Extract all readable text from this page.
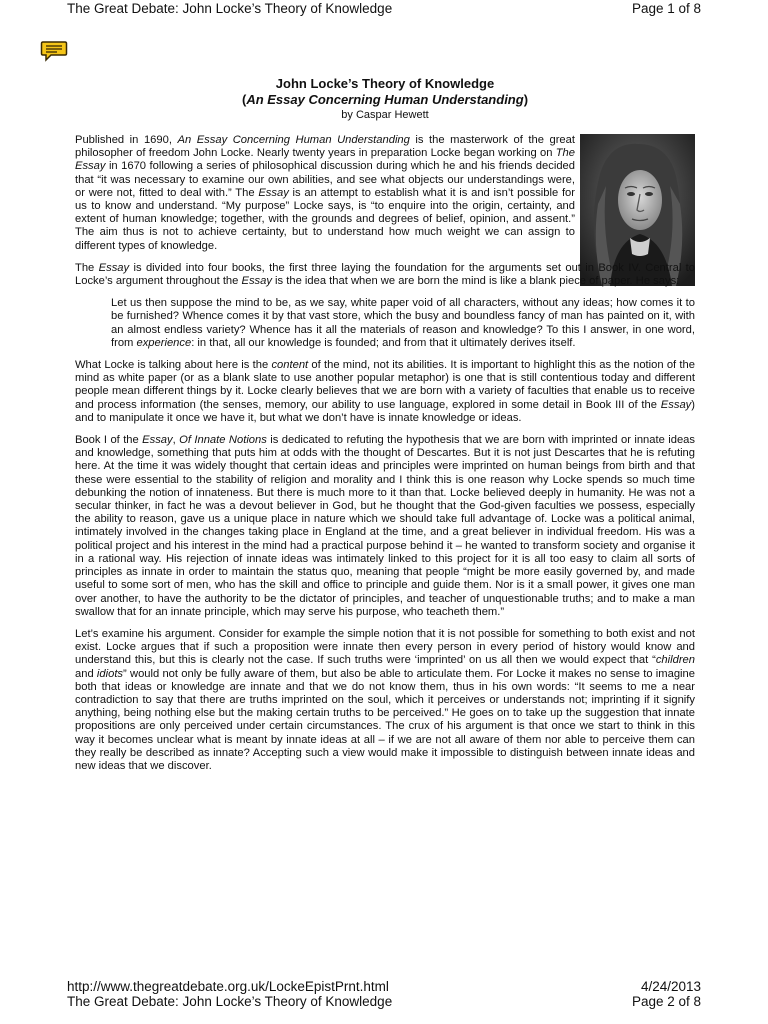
The Great Debate: John Locke’s Theory of Knowledge	Page 1 of 8
John Locke’s Theory of Knowledge
(An Essay Concerning Human Understanding)
by Caspar Hewett

Published in 1690, An Essay Concerning Human Understanding is the masterwork of the great philosopher of freedom John Locke. Nearly twenty years in preparation Locke began working on The Essay in 1670 following a series of philosophical discussion during which he and his friends decided that “it was necessary to examine our own abilities, and see what objects our understandings were, or were not, fitted to deal with.” The Essay is an attempt to establish what it is and isn’t possible for us to know and understand. “My purpose” Locke says, is “to enquire into the origin, certainty, and extent of human knowledge; together, with the grounds and degrees of belief, opinion, and assent.” The aim thus is not to achieve certainty, but to understand how much weight we can assign to different types of knowledge.

The Essay is divided into four books, the first three laying the foundation for the arguments set out in Book IV. Central to Locke’s argument throughout the Essay is the idea that when we are born the mind is like a blank piece of paper. He says:

Let us then suppose the mind to be, as we say, white paper void of all characters, without any ideas; how comes it to be furnished? Whence comes it by that vast store, which the busy and boundless fancy of man has painted on it, with an almost endless variety? Whence has it all the materials of reason and knowledge? To this I answer, in one word, from experience: in that, all our knowledge is founded; and from that it ultimately derives itself.

What Locke is talking about here is the content of the mind, not its abilities. It is important to highlight this as the notion of the mind as white paper (or as a blank slate to use another popular metaphor) is one that is still contentious today and different people mean different things by it. Locke clearly believes that we are born with a variety of faculties that enable us to receive and process information (the senses, memory, our ability to use language, explored in some detail in Book III of the Essay) and to manipulate it once we have it, but what we don’t have is innate knowledge or ideas.

Book I of the Essay, Of Innate Notions is dedicated to refuting the hypothesis that we are born with imprinted or innate ideas and knowledge, something that puts him at odds with the thought of Descartes. But it is not just Descartes that he is refuting here. At the time it was widely thought that certain ideas and principles were imprinted on human beings from birth and that these were essential to the stability of religion and morality and I think this is one reason why Locke spends so much time debunking the notion of innateness. But there is much more to it than that. Locke believed deeply in humanity. He was not a secular thinker, in fact he was a devout believer in God, but he thought that the God-given faculties we possess, especially the ability to reason, gave us a unique place in nature which we should take full advantage of. Locke was a political animal, intimately involved in the changes taking place in England at the time, and a great believer in individual freedom. His was a political project and his interest in the mind had a practical purpose behind it – he wanted to transform society and organise it in a rational way. His rejection of innate ideas was intimately linked to this project for it is all too easy to claim all sorts of principles as innate in order to maintain the status quo, meaning that people “might be more easily governed by, and made useful to some sort of men, who has the skill and office to principle and guide them. Nor is it a small power, it gives one man over another, to have the authority to be the dictator of principles, and teacher of unquestionable truths; and to make a man swallow that for an innate principle, which may serve his purpose, who teacheth them.”

Let’s examine his argument. Consider for example the simple notion that it is not possible for something to both exist and not exist. Locke argues that if such a proposition were innate then every person in every period of history would know and understand this, but this is clearly not the case. If such truths were ‘imprinted’ on us all then we would expect that “children and idiots” would not only be fully aware of them, but also be able to articulate them. For Locke it makes no sense to imagine both that ideas or knowledge are innate and that we do not know them, thus in his own words: “It seems to me a near contradiction to say that there are truths imprinted on the soul, which it perceives or understands not; imprinting if it signify anything, being nothing else but the making certain truths to be perceived.” He goes on to take up the suggestion that innate propositions are only perceived under certain circumstances. The crux of his argument is that once we start to think in this way it becomes unclear what is meant by innate ideas at all – if we are not all aware of them nor able to perceive them can they really be described as innate? Accepting such a view would make it impossible to distinguish between innate ideas and new ideas that we discover.

http://www.thegreatdebate.org.uk/LockeEpistPrnt.html	4/24/2013
The Great Debate: John Locke’s Theory of Knowledge	Page 2 of 8
